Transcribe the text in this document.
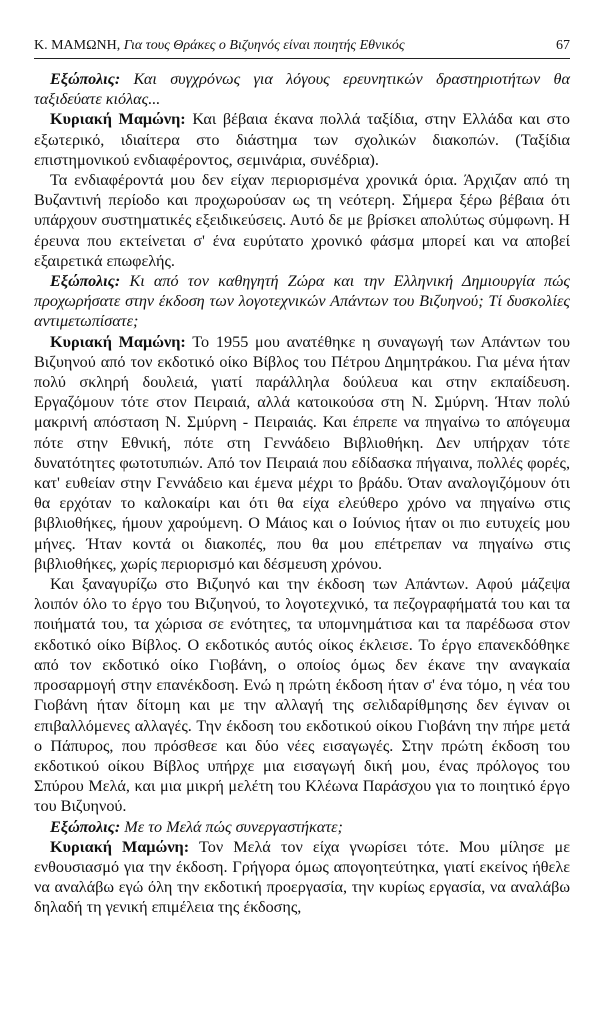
Κ. ΜΑΜΩΝΗ, Για τους Θράκες ο Βιζυηνός είναι ποιητής Εθνικός	67

Εξώπολις: Και συγχρόνως για λόγους ερευνητικών δραστηριοτήτων θα ταξιδεύατε κιόλας...

Κυριακή Μαμώνη: Και βέβαια έκανα πολλά ταξίδια, στην Ελλάδα και στο εξωτερικό, ιδιαίτερα στο διάστημα των σχολικών διακοπών. (Ταξίδια επιστημονικού ενδιαφέροντος, σεμινάρια, συνέδρια).

Τα ενδιαφέροντά μου δεν είχαν περιορισμένα χρονικά όρια. Άρχιζαν από τη Βυζαντινή περίοδο και προχωρούσαν ως τη νεότερη. Σήμερα ξέρω βέβαια ότι υπάρχουν συστηματικές εξειδικεύσεις. Αυτό δε με βρίσκει απολύτως σύμφωνη. Η έρευνα που εκτείνεται σ' ένα ευρύτατο χρονικό φάσμα μπορεί και να αποβεί εξαιρετικά επωφελής.

Εξώπολις: Κι από τον καθηγητή Ζώρα και την Ελληνική Δημιουργία πώς προχωρήσατε στην έκδοση των λογοτεχνικών Απάντων του Βιζυηνού; Τί δυσκολίες αντιμετωπίσατε;

Κυριακή Μαμώνη: Το 1955 μου ανατέθηκε η συναγωγή των Απάντων του Βιζυηνού από τον εκδοτικό οίκο Βίβλος του Πέτρου Δημητράκου. Για μένα ήταν πολύ σκληρή δουλειά, γιατί παράλληλα δούλευα και στην εκπαίδευση. Εργαζόμουν τότε στον Πειραιά, αλλά κατοικούσα στη Ν. Σμύρνη. Ήταν πολύ μακρινή απόσταση Ν. Σμύρνη - Πειραιάς. Και έπρεπε να πηγαίνω το απόγευμα πότε στην Εθνική, πότε στη Γεννάδειο Βιβλιοθήκη. Δεν υπήρχαν τότε δυνατότητες φωτοτυπιών. Από τον Πειραιά που εδίδασκα πήγαινα, πολλές φορές, κατ' ευθείαν στην Γεννάδειο και έμενα μέχρι το βράδυ. Όταν αναλογιζόμουν ότι θα ερχόταν το καλοκαίρι και ότι θα είχα ελεύθερο χρόνο να πηγαίνω στις βιβλιοθήκες, ήμουν χαρούμενη. Ο Μάιος και ο Ιούνιος ήταν οι πιο ευτυχείς μου μήνες. Ήταν κοντά οι διακοπές, που θα μου επέτρεπαν να πηγαίνω στις βιβλιοθήκες, χωρίς περιορισμό και δέσμευση χρόνου.

Και ξαναγυρίζω στο Βιζυηνό και την έκδοση των Απάντων. Αφού μάζεψα λοιπόν όλο το έργο του Βιζυηνού, το λογοτεχνικό, τα πεζογραφήματά του και τα ποιήματά του, τα χώρισα σε ενότητες, τα υπομνημάτισα και τα παρέδωσα στον εκδοτικό οίκο Βίβλος. Ο εκδοτικός αυτός οίκος έκλεισε. Το έργο επανεκδόθηκε από τον εκδοτικό οίκο Γιοβάνη, ο οποίος όμως δεν έκανε την αναγκαία προσαρμογή στην επανέκδοση. Ενώ η πρώτη έκδοση ήταν σ' ένα τόμο, η νέα του Γιοβάνη ήταν δίτομη και με την αλλαγή της σελιδαρίθμησης δεν έγιναν οι επιβαλλόμενες αλλαγές. Την έκδοση του εκδοτικού οίκου Γιοβάνη την πήρε μετά ο Πάπυρος, που πρόσθεσε και δύο νέες εισαγωγές. Στην πρώτη έκδοση του εκδοτικού οίκου Βίβλος υπήρχε μια εισαγωγή δική μου, ένας πρόλογος του Σπύρου Μελά, και μια μικρή μελέτη του Κλέωνα Παράσχου για το ποιητικό έργο του Βιζυηνού.

Εξώπολις: Με το Μελά πώς συνεργαστήκατε;

Κυριακή Μαμώνη: Τον Μελά τον είχα γνωρίσει τότε. Μου μίλησε με ενθουσιασμό για την έκδοση. Γρήγορα όμως απογοητεύτηκα, γιατί εκείνος ήθελε να αναλάβω εγώ όλη την εκδοτική προεργασία, την κυρίως εργασία, να αναλάβω δηλαδή τη γενική επιμέλεια της έκδοσης,
